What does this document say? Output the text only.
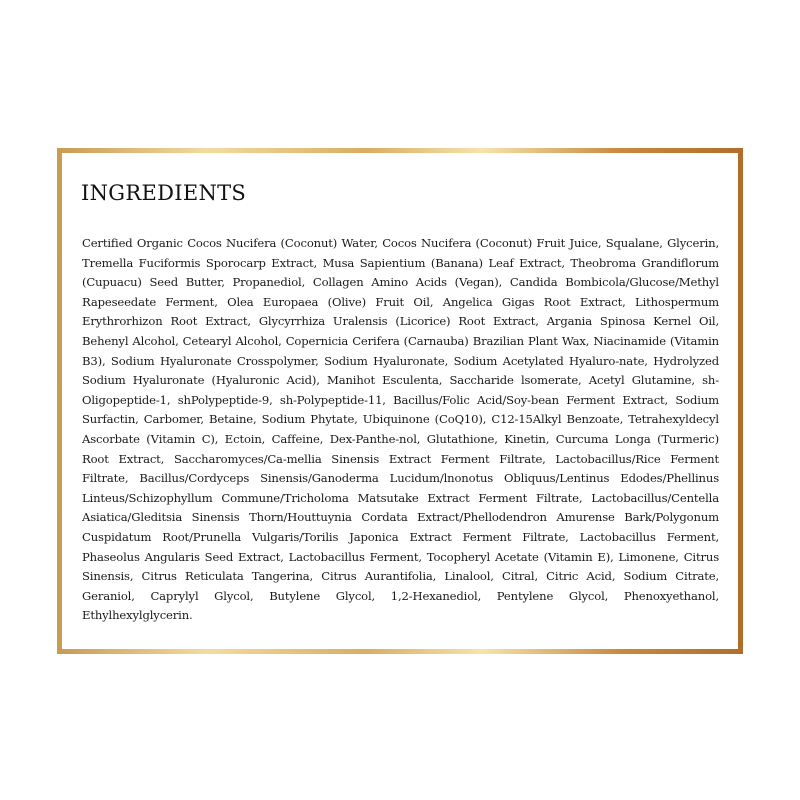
INGREDIENTS

Certified Organic Cocos Nucifera (Coconut) Water, Cocos Nucifera (Coconut) Fruit Juice, Squalane, Glycerin, Tremella Fuciformis Sporocarp Extract, Musa Sapientium (Banana) Leaf Extract, Theobroma Grandiflorum (Cupuacu) Seed Butter, Propanediol, Collagen Amino Acids (Vegan), Candida Bombicola/Glucose/Methyl Rapeseedate Ferment, Olea Europaea (Olive) Fruit Oil, Angelica Gigas Root Extract, Lithospermum Erythrorhizon Root Extract, Glycyrrhiza Uralensis (Licorice) Root Extract, Argania Spinosa Kernel Oil, Behenyl Alcohol, Cetearyl Alcohol, Copernicia Cerifera (Carnauba) Brazilian Plant Wax, Niacinamide (Vitamin B3), Sodium Hyaluronate Crosspolymer, Sodium Hyaluronate, Sodium Acetylated Hyaluro-nate, Hydrolyzed Sodium Hyaluronate (Hyaluronic Acid), Manihot Esculenta, Saccharide lsomerate, Acetyl Glutamine, sh-Oligopeptide-1, shPolypeptide-9, sh-Polypeptide-11, Bacillus/Folic Acid/Soy-bean Ferment Extract, Sodium Surfactin, Carbomer, Betaine, Sodium Phytate, Ubiquinone (CoQ10), C12-15Alkyl Benzoate, Tetrahexyldecyl Ascorbate (Vitamin C), Ectoin, Caffeine, Dex-Panthe-nol, Glutathione, Kinetin, Curcuma Longa (Turmeric) Root Extract, Saccharomyces/Ca-mellia Sinensis Extract Ferment Filtrate, Lactobacillus/Rice Ferment Filtrate, Bacillus/Cordyceps Sinensis/Ganoderma Lucidum/lnonotus Obliquus/Lentinus Edodes/Phellinus Linteus/Schizophyllum Commune/Tricholoma Matsutake Extract Ferment Filtrate, Lactobacillus/Centella Asiatica/Gleditsia Sinensis Thorn/Houttuynia Cordata Extract/Phellodendron Amurense Bark/Polygonum Cuspidatum Root/Prunella Vulgaris/Torilis Japonica Extract Ferment Filtrate, Lactobacillus Ferment, Phaseolus Angularis Seed Extract, Lactobacillus Ferment, Tocopheryl Acetate (Vitamin E), Limonene, Citrus Sinensis, Citrus Reticulata Tangerina, Citrus Aurantifolia, Linalool, Citral, Citric Acid, Sodium Citrate, Geraniol, Caprylyl Glycol, Butylene Glycol, 1,2-Hexanediol, Pentylene Glycol, Phenoxyethanol, Ethylhexylglycerin.
